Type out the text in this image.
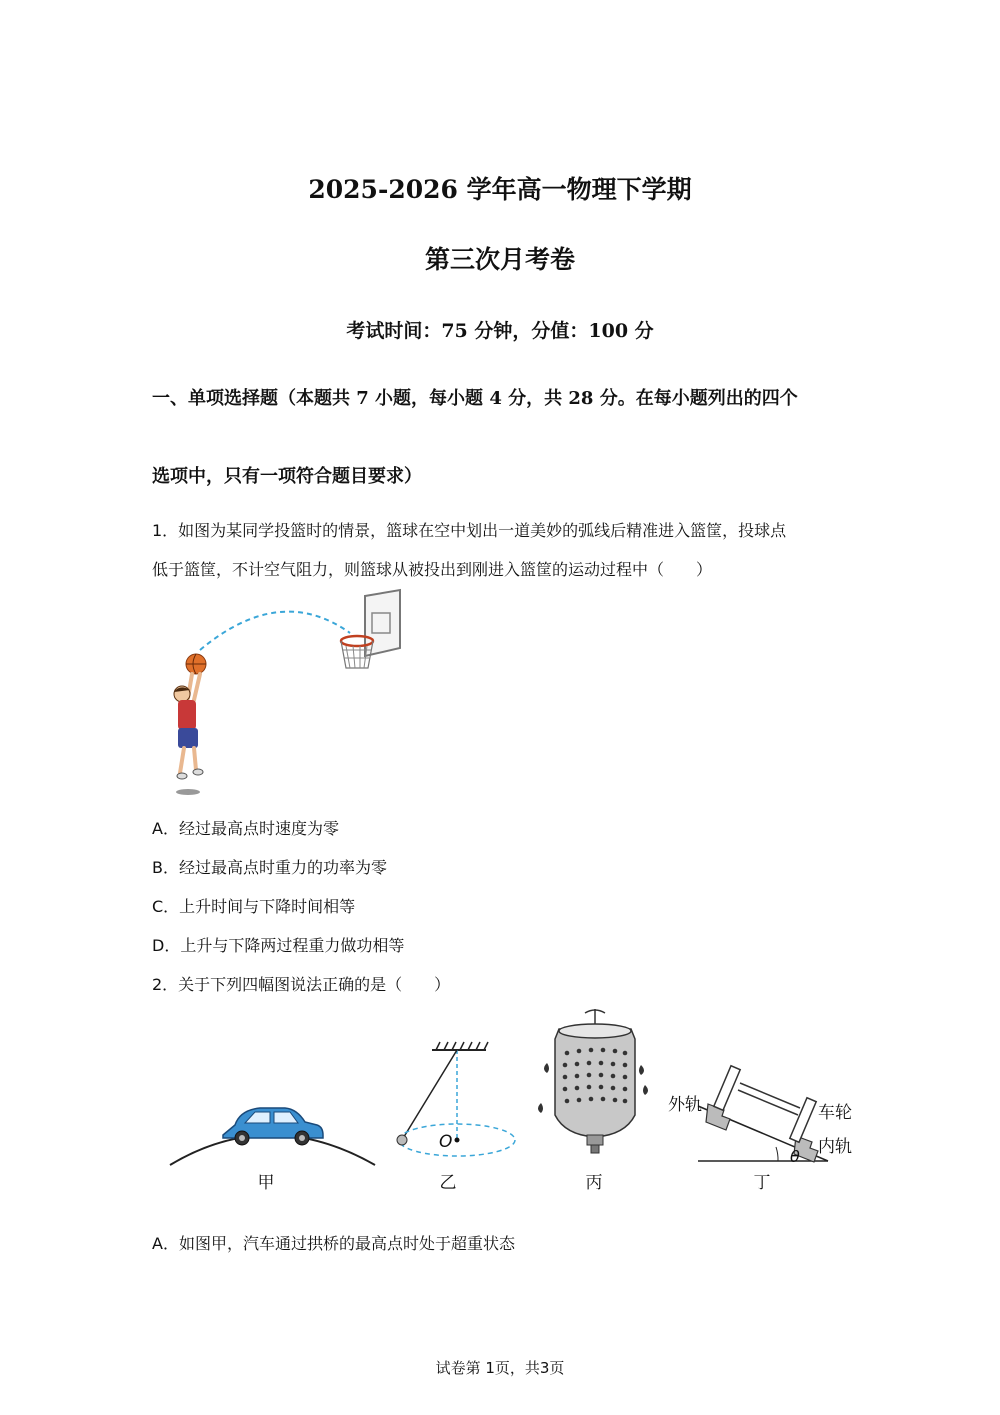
2025-2026 学年高一物理下学期
第三次月考卷
考试时间：75 分钟，分值：100 分
一、单项选择题（本题共 7 小题，每小题 4 分，共 28 分。在每小题列出的四个
选项中，只有一项符合题目要求）
1．如图为某同学投篮时的情景，篮球在空中划出一道美妙的弧线后精准进入篮筐，投球点
低于篮筐，不计空气阻力，则篮球从被投出到刚进入篮筐的运动过程中（　　）
A．经过最高点时速度为零
B．经过最高点时重力的功率为零
C．上升时间与下降时间相等
D．上升与下降两过程重力做功相等
2．关于下列四幅图说法正确的是（　　）
甲
O
乙	丙
θ
外轨	车轮
内轨
丁
A．如图甲，汽车通过拱桥的最高点时处于超重状态
试卷第 1页，共3页
